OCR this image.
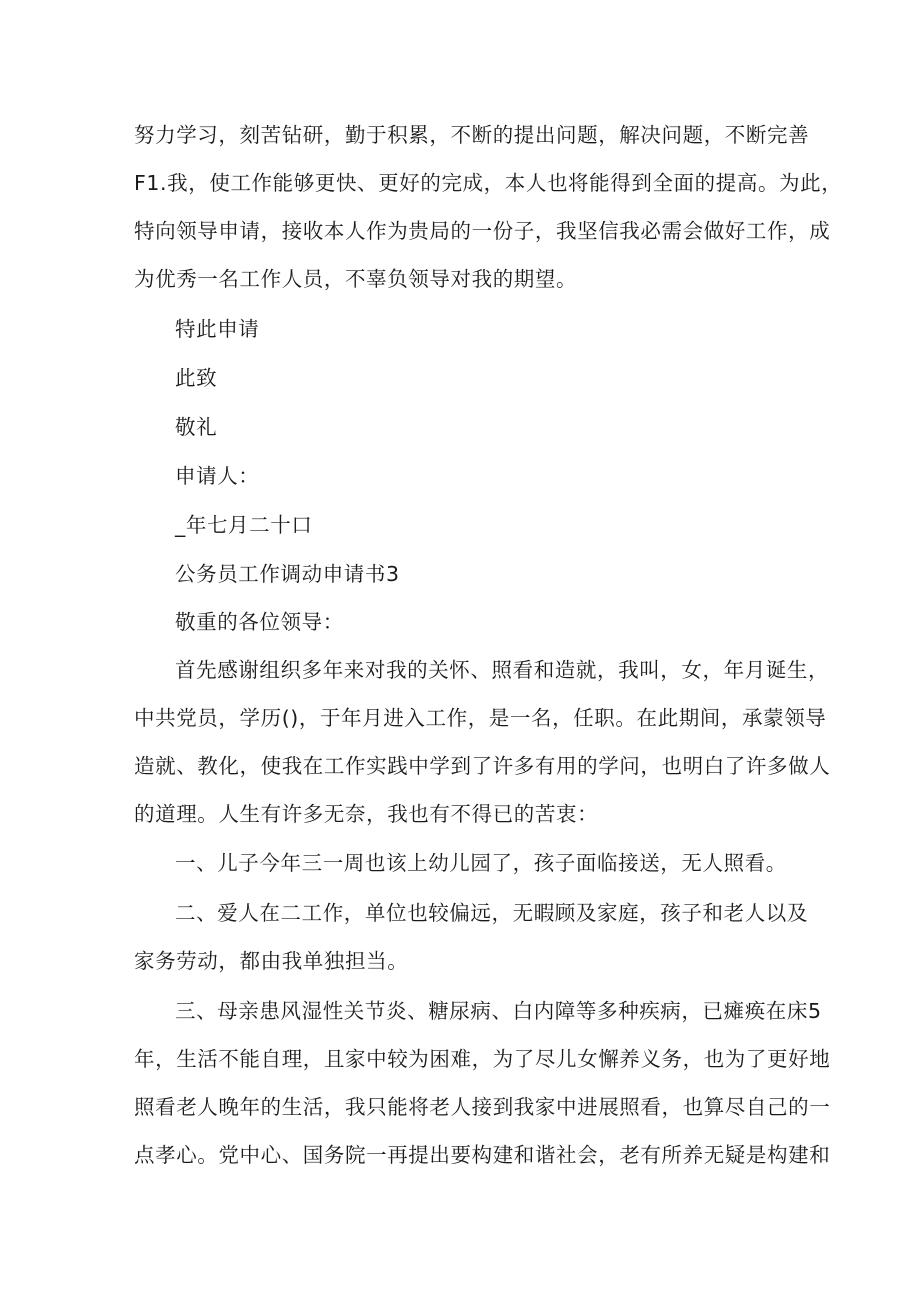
努力学习，刻苦钻研，勤于积累，不断的提出问题，解决问题，不断完善
F1.我，使工作能够更快、更好的完成，本人也将能得到全面的提高。为此，
特向领导申请，接收本人作为贵局的一份子，我坚信我必需会做好工作，成
为优秀一名工作人员，不辜负领导对我的期望。
特此申请
此致
敬礼
申请人：
_年七月二十口
公务员工作调动申请书3
敬重的各位领导：
首先感谢组织多年来对我的关怀、照看和造就，我叫，女，年月诞生，
中共党员，学历()，于年月进入工作，是一名，任职。在此期间，承蒙领导
造就、教化，使我在工作实践中学到了许多有用的学问，也明白了许多做人
的道理。人生有许多无奈，我也有不得已的苦衷：
一、儿子今年三一周也该上幼儿园了，孩子面临接送，无人照看。
二、爱人在二工作，单位也较偏远，无暇顾及家庭，孩子和老人以及
家务劳动，都由我单独担当。
三、母亲患风湿性关节炎、糖尿病、白内障等多种疾病，已瘫痪在床5
年，生活不能自理，且家中较为困难，为了尽儿女懈养义务，也为了更好地
照看老人晚年的生活，我只能将老人接到我家中进展照看，也算尽自己的一
点孝心。党中心、国务院一再提出要构建和谐社会，老有所养无疑是构建和
